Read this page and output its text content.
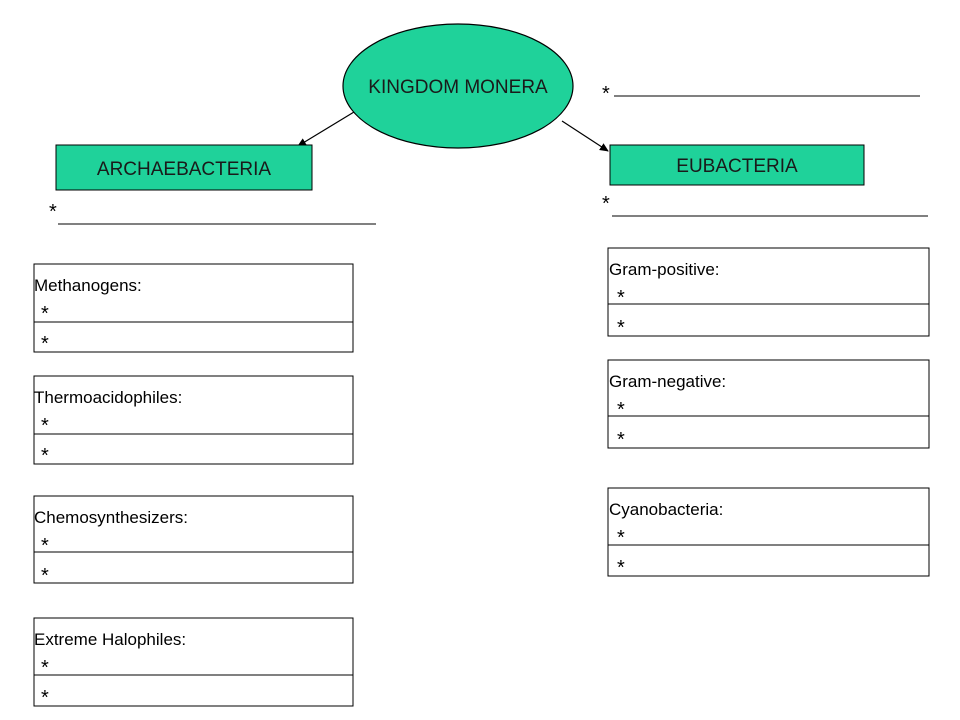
KINGDOM MONERA	*
ARCHAEBACTERIA
*
Methanogens:
*
*
Thermoacidophiles:
*
*
Chemosynthesizers:
*
*
Extreme Halophiles:
*
*
EUBACTERIA
*
Gram-positive:
*
*
Gram-negative:
*
*
Cyanobacteria:
*
*
